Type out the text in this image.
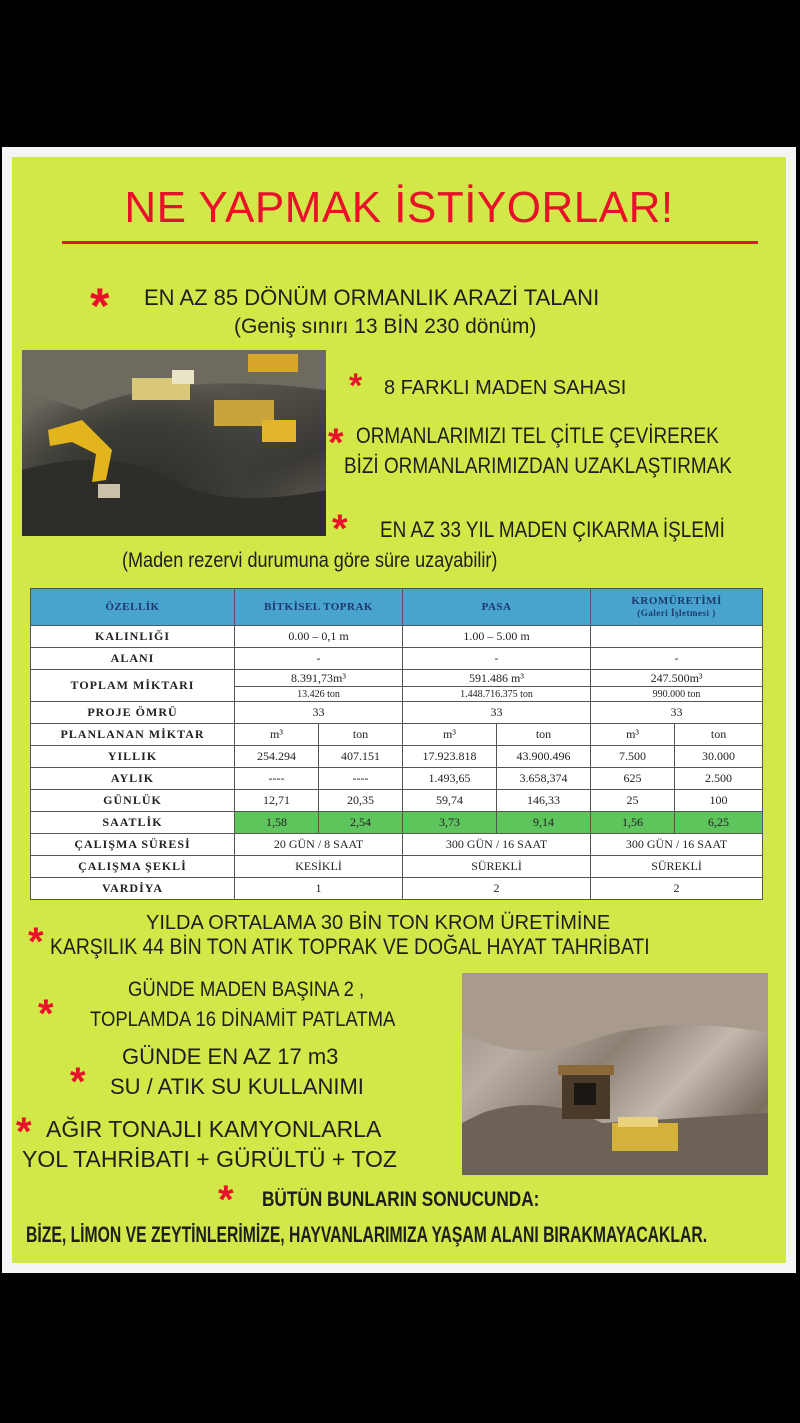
NE YAPMAK İSTİYORLAR!
* EN AZ 85 DÖNÜM ORMANLIK ARAZİ TALANI
(Geniş sınırı 13 BİN 230 dönüm)
* 8 FARKLI MADEN SAHASI
* ORMANLARIMIZI TEL ÇİTLE ÇEVİREREK
BİZİ ORMANLARIMIZDAN UZAKLAŞTIRMAK
* EN AZ 33 YIL MADEN ÇIKARMA İŞLEMİ
(Maden rezervi durumuna göre süre uzayabilir)
ÖZELLİK	BİTKİSEL TOPRAK		PASA		KROMÜRETİMİ
(Galeri İşletmesi )	
KALINLIĞI	0.00 – 0,1 m		1.00 – 5.00 m			
ALANI	-		-		-	
TOPLAM MİKTARI	8.391,73m³		591.486 m³		247.500m³	
	13.426 ton		1.448.716.375 ton		990.000 ton	
PROJE ÖMRÜ	33		33		33	
PLANLANAN MİKTAR	m³	ton	m³	ton	m³	ton
YILLIK	254.294	407.151	17.923.818	43.900.496	7.500	30.000
AYLIK	----	----	1.493,65	3.658,374	625	2.500
GÜNLÜK	12,71	20,35	59,74	146,33	25	100
SAATLİK	1,58	2,54	3,73	9,14	1,56	6,25
ÇALIŞMA SÜRESİ	20 GÜN / 8 SAAT		300 GÜN / 16 SAAT		300 GÜN / 16 SAAT	
ÇALIŞMA ŞEKLİ	KESİKLİ		SÜREKLİ		SÜREKLİ	
VARDİYA	1		2		2	
YILDA ORTALAMA 30 BİN TON KROM ÜRETİMİNE
* KARŞILIK 44 BİN TON ATIK TOPRAK VE DOĞAL HAYAT TAHRİBATI
GÜNDE MADEN BAŞINA 2 ,
* TOPLAMDA 16 DİNAMİT PATLATMA
GÜNDE EN AZ 17 m3
* SU / ATIK SU KULLANIMI
* AĞIR TONAJLI KAMYONLARLA
YOL TAHRİBATI + GÜRÜLTÜ + TOZ
* BÜTÜN BUNLARIN SONUCUNDA:
BİZE, LİMON VE ZEYTİNLERİMİZE, HAYVANLARIMIZA YAŞAM ALANI BIRAKMAYACAKLAR.
